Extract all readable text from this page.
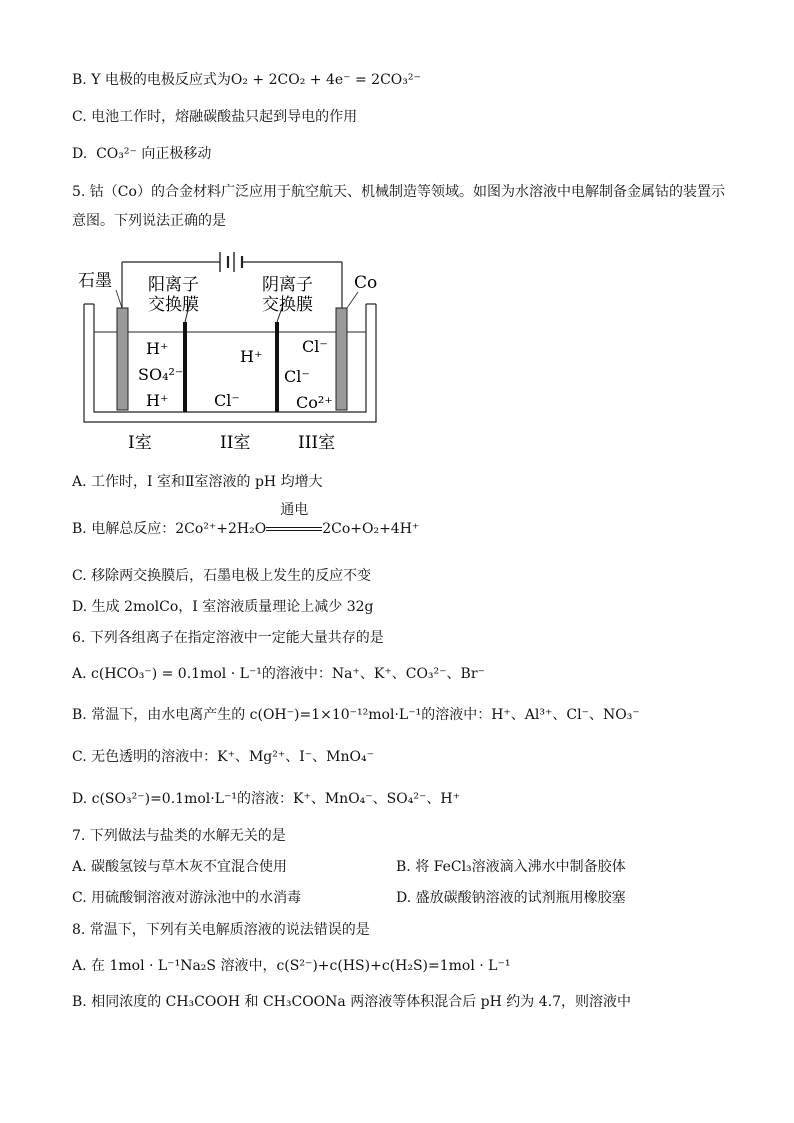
B. Y 电极的电极反应式为O₂ + 2CO₂ + 4e⁻ = 2CO₃²⁻
C. 电池工作时，熔融碳酸盐只起到导电的作用
D. CO₃²⁻ 向正极移动
5. 钴（Co）的合金材料广泛应用于航空航天、机械制造等领域。如图为水溶液中电解制备金属钴的装置示
意图。下列说法正确的是
石墨	Co
阳离子
交换膜
阴离子
交换膜
H⁺
SO₄²⁻
H⁺
H⁺
Cl⁻
Cl⁻
Cl⁻
Co²⁺
I室	II室	III室
A. 工作时，I 室和Ⅱ室溶液的 pH 均增大
B. 电解总反应：2Co²⁺+2H₂O
通电
2Co+O₂+4H⁺
C. 移除两交换膜后，石墨电极上发生的反应不变
D. 生成 2molCo，I 室溶液质量理论上减少 32g
6. 下列各组离子在指定溶液中一定能大量共存的是
A. c(HCO₃⁻) = 0.1mol · L⁻¹的溶液中：Na⁺、K⁺、CO₃²⁻、Br⁻
B. 常温下，由水电离产生的 c(OH⁻)=1×10⁻¹²mol·L⁻¹的溶液中：H⁺、Al³⁺、Cl⁻、NO₃⁻
C. 无色透明的溶液中：K⁺、Mg²⁺、I⁻、MnO₄⁻
D. c(SO₃²⁻)=0.1mol·L⁻¹的溶液：K⁺、MnO₄⁻、SO₄²⁻、H⁺
7. 下列做法与盐类的水解无关的是
A. 碳酸氢铵与草木灰不宜混合使用	B. 将 FeCl₃溶液滴入沸水中制备胶体
C. 用硫酸铜溶液对游泳池中的水消毒	D. 盛放碳酸钠溶液的试剂瓶用橡胶塞
8. 常温下，下列有关电解质溶液的说法错误的是
A. 在 1mol · L⁻¹Na₂S 溶液中，c(S²⁻)+c(HS)+c(H₂S)=1mol · L⁻¹
B. 相同浓度的 CH₃COOH 和 CH₃COONa 两溶液等体积混合后 pH 约为 4.7，则溶液中
